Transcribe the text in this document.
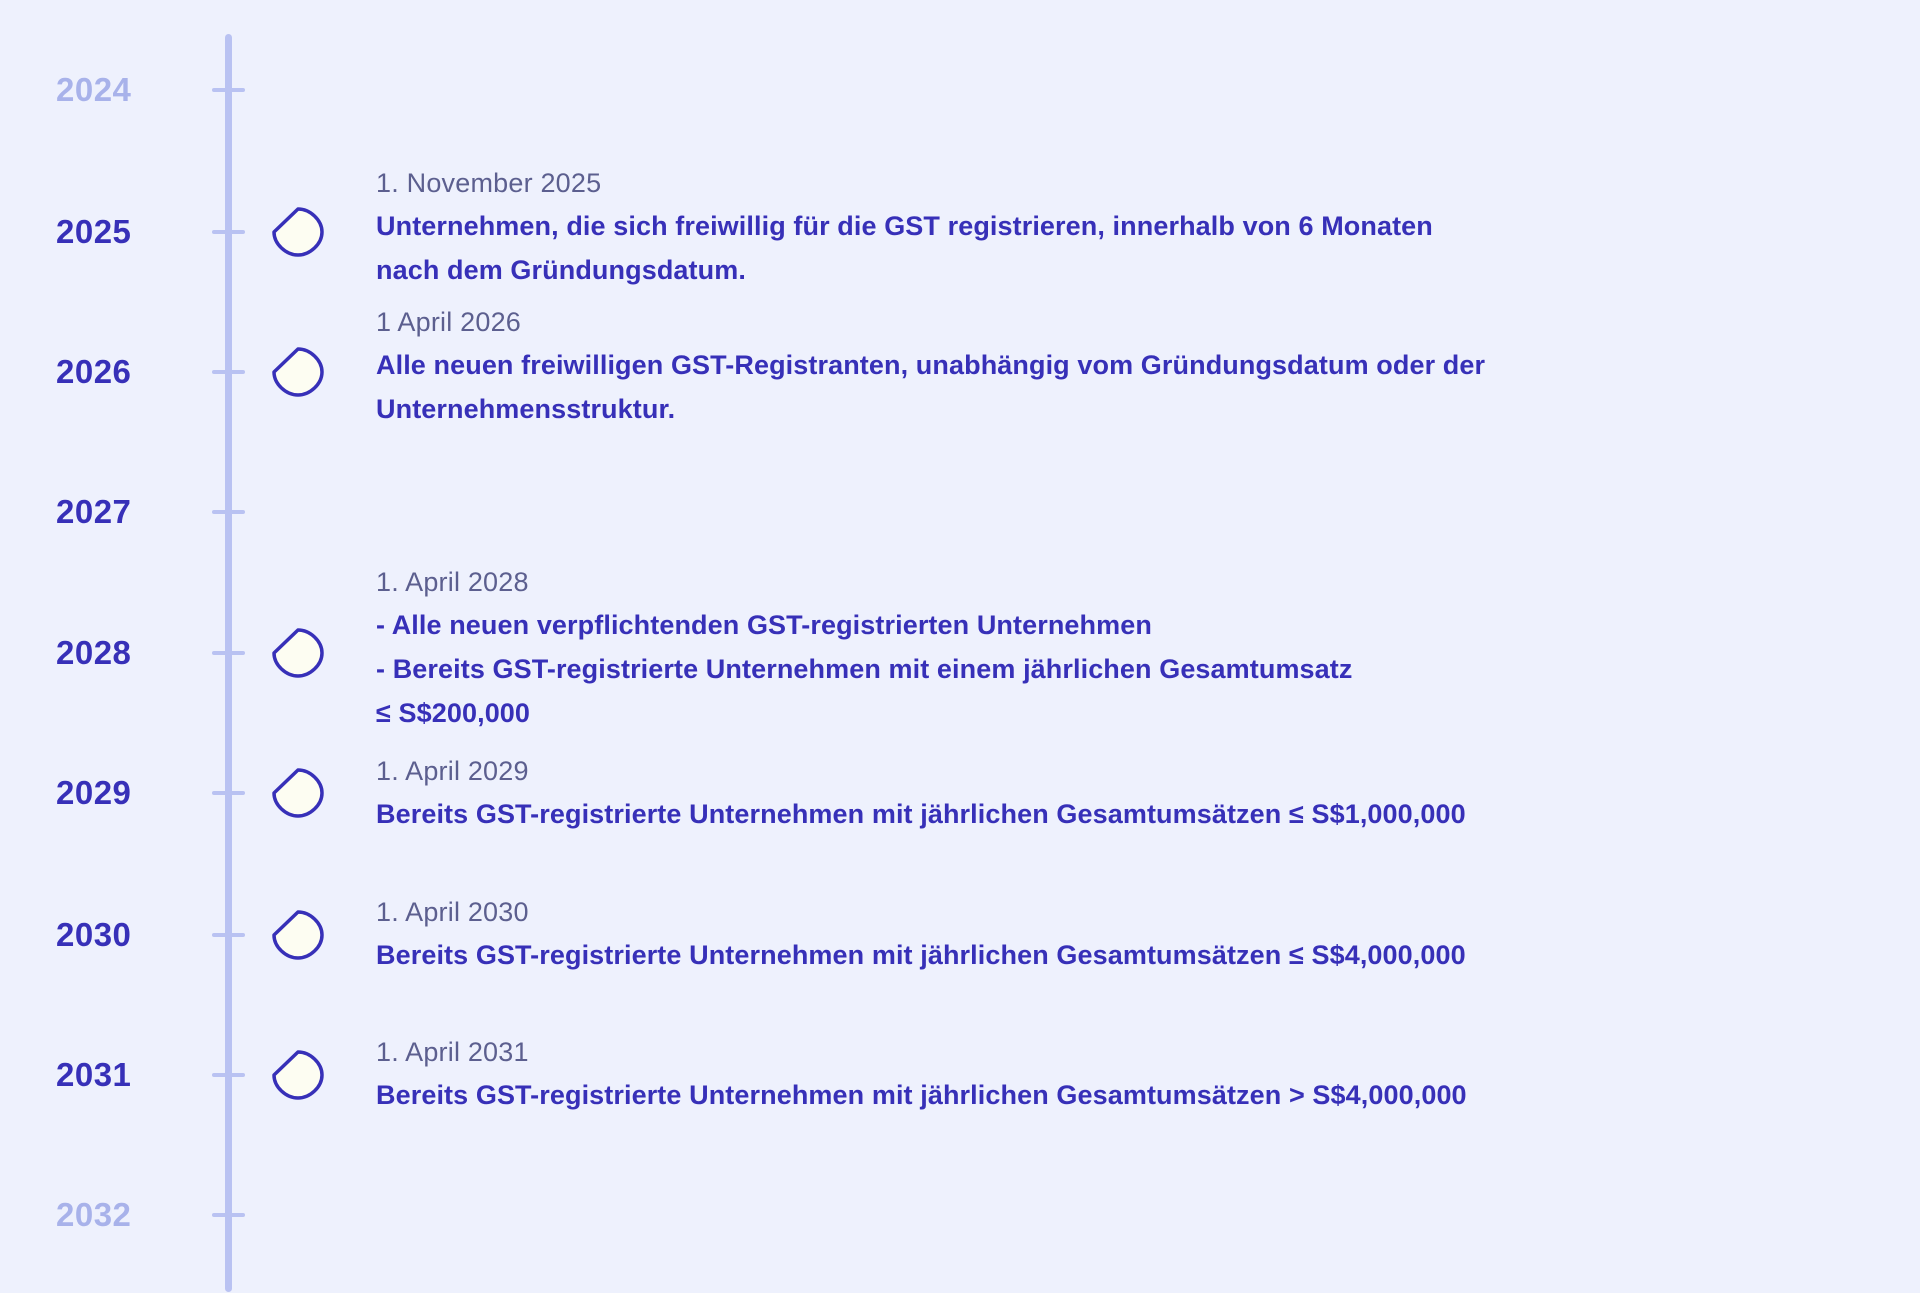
2024
2025
2026
2027
2028
2029
2030
2031
2032

1. November 2025

Unternehmen, die sich freiwillig für die GST registrieren, innerhalb von 6 Monaten
nach dem Gründungsdatum.

1 April 2026

Alle neuen freiwilligen GST-Registranten, unabhängig vom Gründungsdatum oder der
Unternehmensstruktur.

1. April 2028

- Alle neuen verpflichtenden GST-registrierten Unternehmen
- Bereits GST-registrierte Unternehmen mit einem jährlichen Gesamtumsatz
≤ S$200,000

1. April 2029

Bereits GST-registrierte Unternehmen mit jährlichen Gesamtumsätzen ≤ S$1,000,000

1. April 2030

Bereits GST-registrierte Unternehmen mit jährlichen Gesamtumsätzen ≤ S$4,000,000

1. April 2031

Bereits GST-registrierte Unternehmen mit jährlichen Gesamtumsätzen > S$4,000,000
